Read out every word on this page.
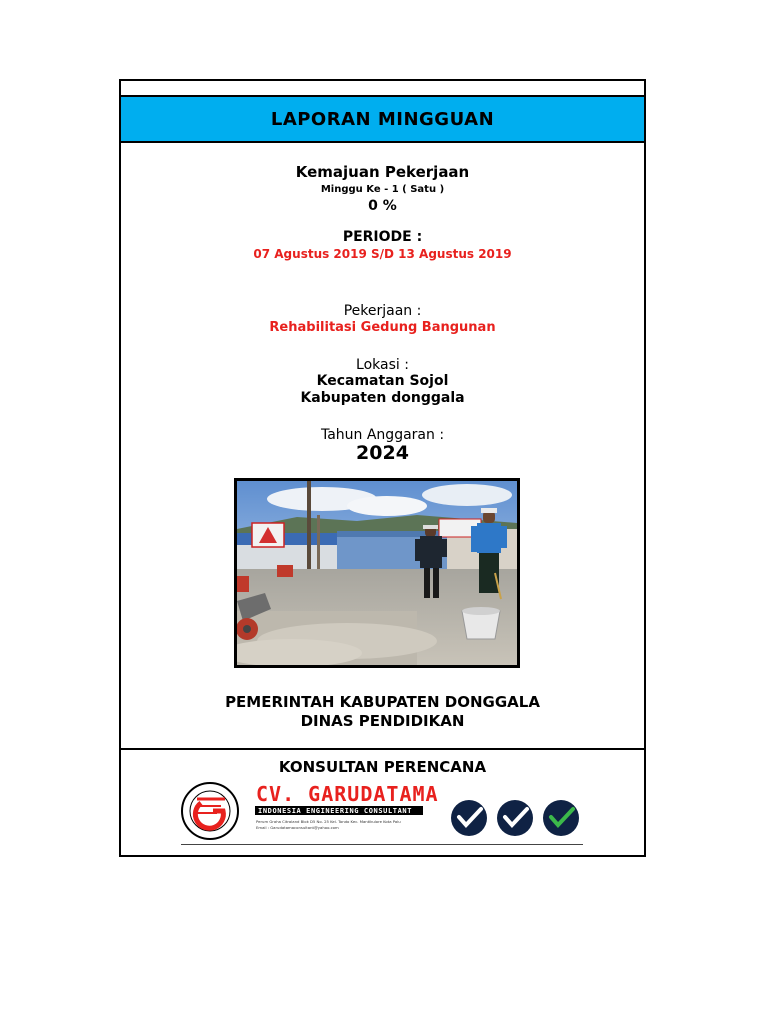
LAPORAN MINGGUAN
Kemajuan Pekerjaan
Minggu Ke - 1 ( Satu )
0 %
PERIODE :
07 Agustus 2019 S/D 13 Agustus 2019
Pekerjaan :
Rehabilitasi Gedung Bangunan
Lokasi :
Kecamatan Sojol
Kabupaten donggala
Tahun Anggaran :
2024
PEMERINTAH KABUPATEN DONGGALA
DINAS PENDIDIKAN
KONSULTAN PERENCANA
CV. GARUDATAMA
INDONESIA ENGINEERING CONSULTANT
Perum Graha Citraland Blok D5 No. 25 Kel. Tondo Kec. Mantikulore Kota Palu
Email : Garudatamaconsultant@yahoo.com
